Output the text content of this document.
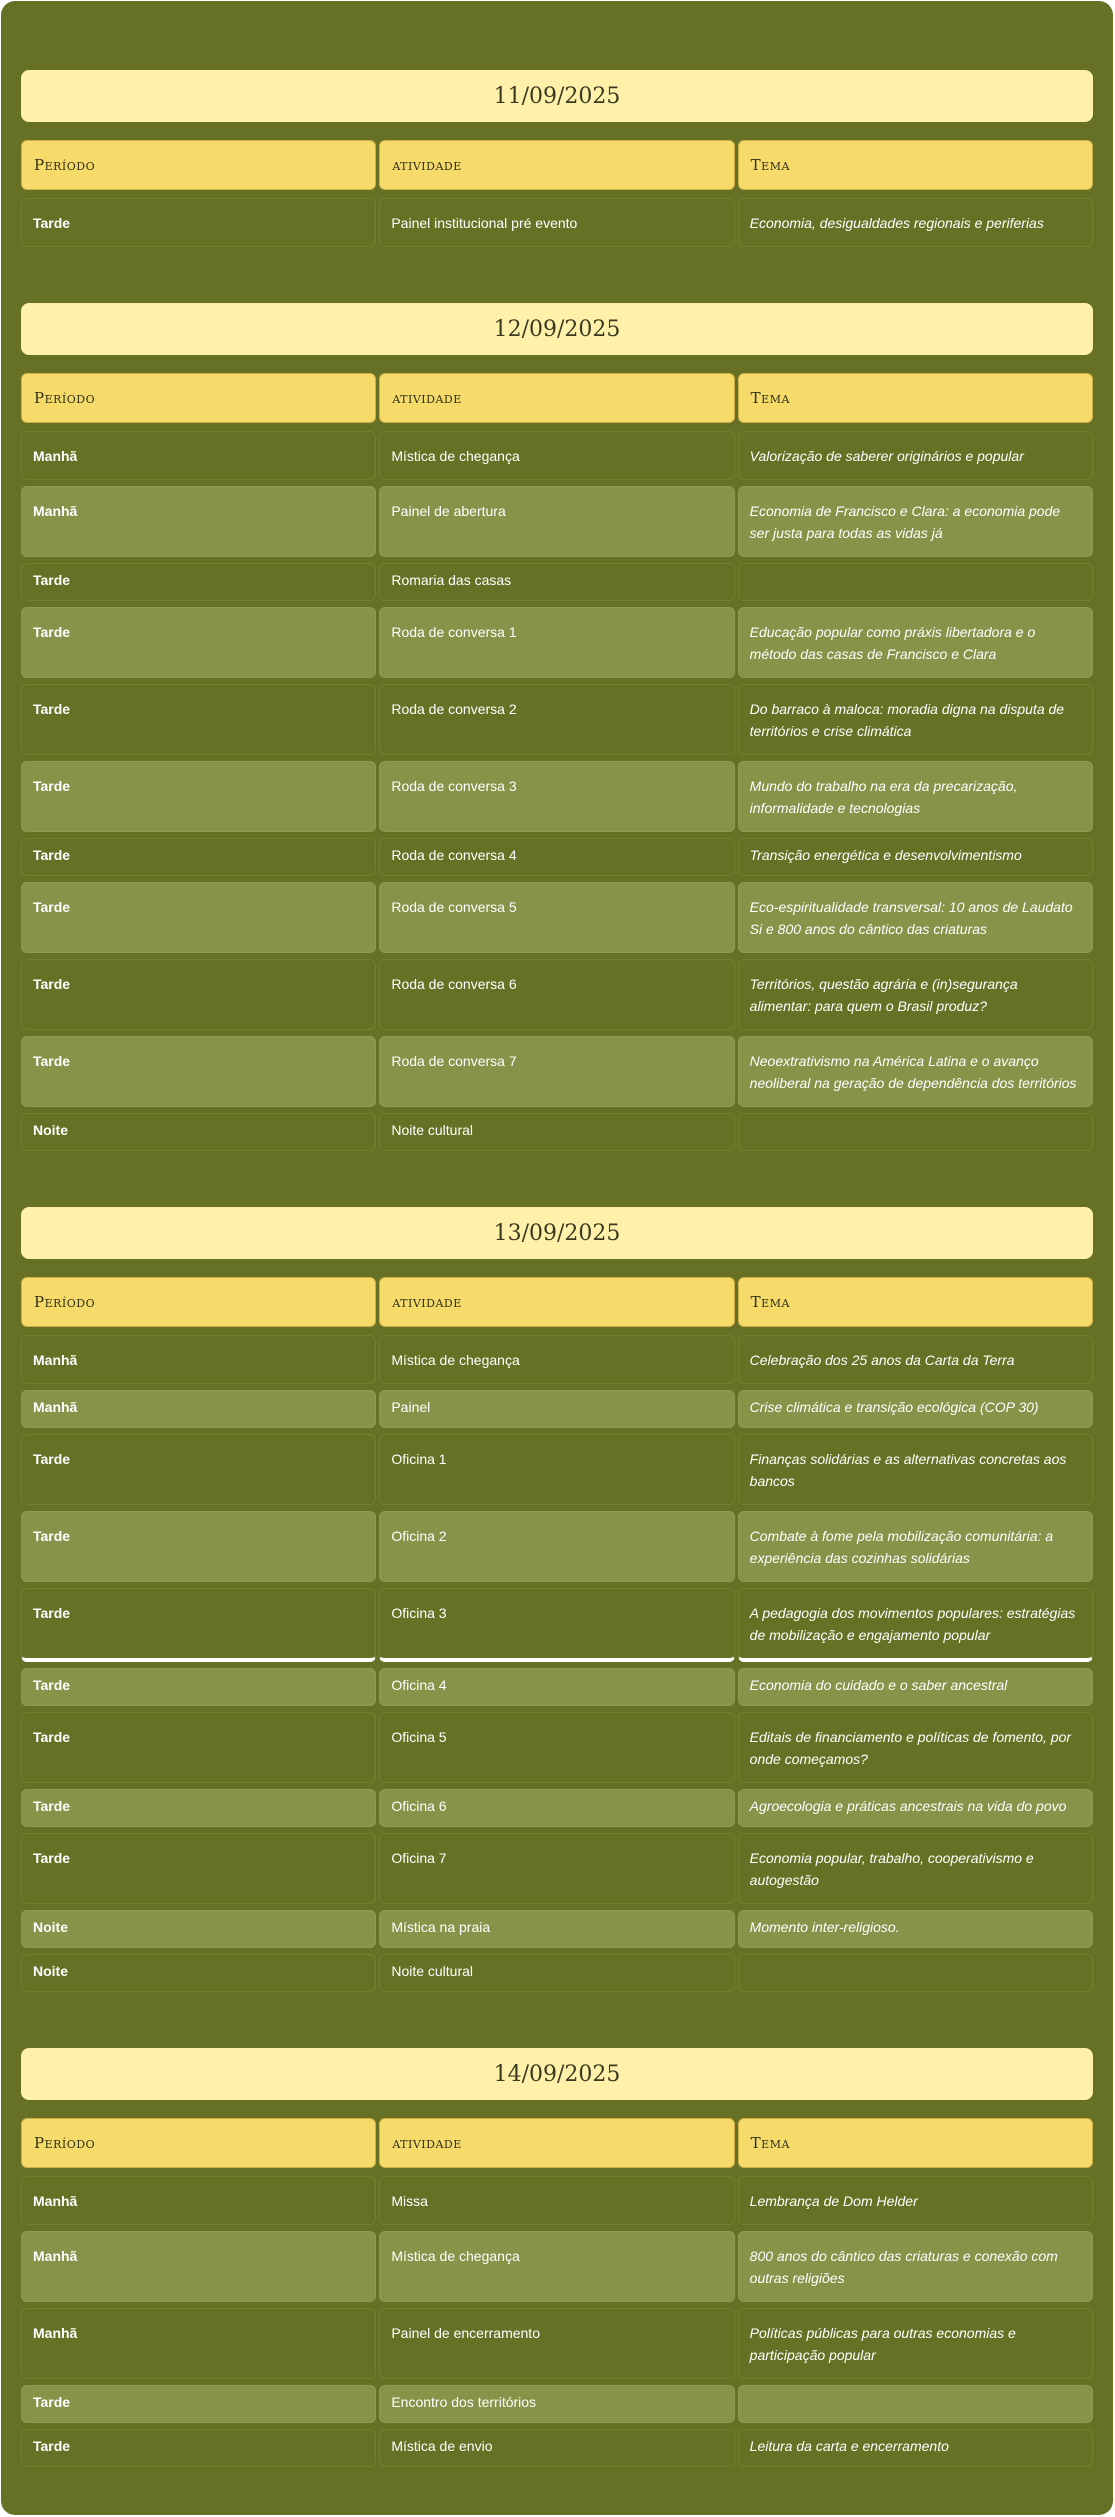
11/09/2025
Período	atividade	Tema
Tarde	Painel institucional pré evento	Economia, desigualdades regionais e periferias
12/09/2025
Período	atividade	Tema
Manhã	Mística de chegança	Valorização de saberer originários e popular
Manhã	Painel de abertura	Economia de Francisco e Clara: a economia pode ser justa para todas as vidas já
Tarde	Romaria das casas
Tarde	Roda de conversa 1	Educação popular como práxis libertadora e o método das casas de Francisco e Clara
Tarde	Roda de conversa 2	Do barraco à maloca: moradia digna na disputa de territórios e crise climática
Tarde	Roda de conversa 3	Mundo do trabalho na era da precarização, informalidade e tecnologias
Tarde	Roda de conversa 4	Transição energética e desenvolvimentismo
Tarde	Roda de conversa 5	Eco-espiritualidade transversal: 10 anos de Laudato Si e 800 anos do cântico das criaturas
Tarde	Roda de conversa 6	Territórios, questão agrária e (in)segurança alimentar: para quem o Brasil produz?
Tarde	Roda de conversa 7	Neoextrativismo na América Latina e o avanço neoliberal na geração de dependência dos territórios
Noite	Noite cultural
13/09/2025
Período	atividade	Tema
Manhã	Mística de chegança	Celebração dos 25 anos da Carta da Terra
Manhã	Painel	Crise climática e transição ecológica (COP 30)
Tarde	Oficina 1	Finanças solidárias e as alternativas concretas aos bancos
Tarde	Oficina 2	Combate à fome pela mobilização comunitária: a experiência das cozinhas solidárias
Tarde	Oficina 3	A pedagogia dos movimentos populares: estratégias de mobilização e engajamento popular
Tarde	Oficina 4	Economia do cuidado e o saber ancestral
Tarde	Oficina 5	Editais de financiamento e políticas de fomento, por onde começamos?
Tarde	Oficina 6	Agroecologia e práticas ancestrais na vida do povo
Tarde	Oficina 7	Economia popular, trabalho, cooperativismo e autogestão
Noite	Mística na praia	Momento inter-religioso.
Noite	Noite cultural
14/09/2025
Período	atividade	Tema
Manhã	Missa	Lembrança de Dom Helder
Manhã	Mística de chegança	800 anos do cântico das criaturas e conexão com outras religiões
Manhã	Painel de encerramento	Políticas públicas para outras economias e participação popular
Tarde	Encontro dos territórios
Tarde	Mística de envio	Leitura da carta e encerramento
